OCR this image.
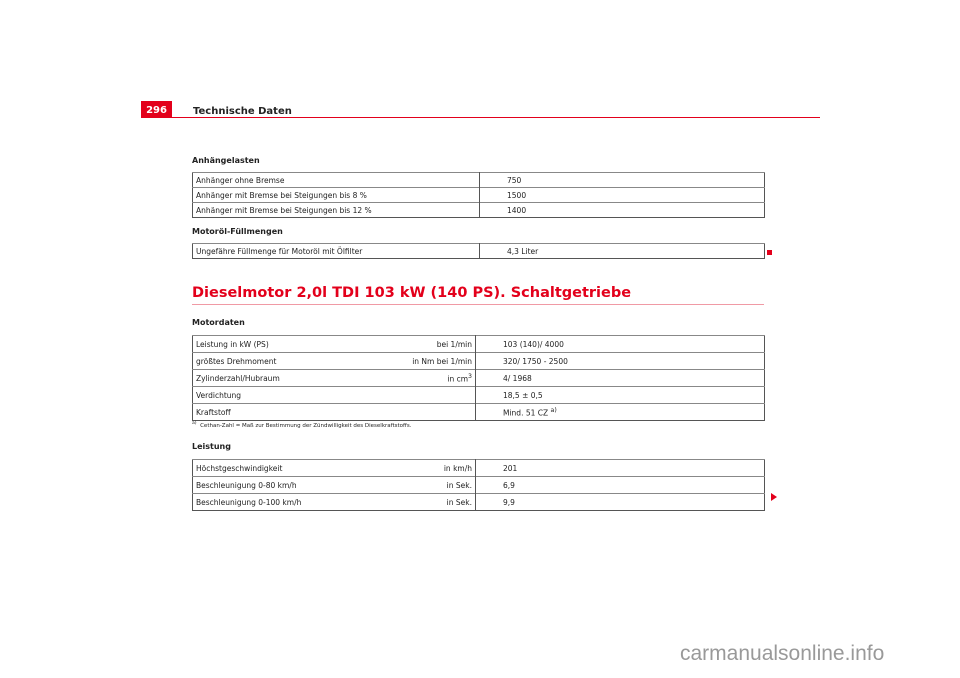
296	Technische Daten
Anhängelasten
Anhänger ohne Bremse	750
Anhänger mit Bremse bei Steigungen bis 8 %	1500
Anhänger mit Bremse bei Steigungen bis 12 %	1400
Motoröl-Füllmengen
Ungefähre Füllmenge für Motoröl mit Ölfilter	4,3 Liter
Dieselmotor 2,0l TDI 103 kW (140 PS). Schaltgetriebe
Motordaten
Leistung in kW (PS)	bei 1/min	103 (140)/ 4000
größtes Drehmoment	in Nm bei 1/min	320/ 1750 - 2500
Zylinderzahl/Hubraum	in $cm^3$	4/ 1968
Verdichtung		18,5 ± 0,5
Kraftstoff		Mind. 51 CZ $^{a)}$
$^{a)}$ Cethan-Zahl = Maß zur Bestimmung der Zündwilligkeit des Dieselkraftstoffs.
Leistung
Höchstgeschwindigkeit	in km/h	201
Beschleunigung 0-80 km/h	in Sek.	6,9
Beschleunigung 0-100 km/h	in Sek.	9,9
carmanualsonline.info
